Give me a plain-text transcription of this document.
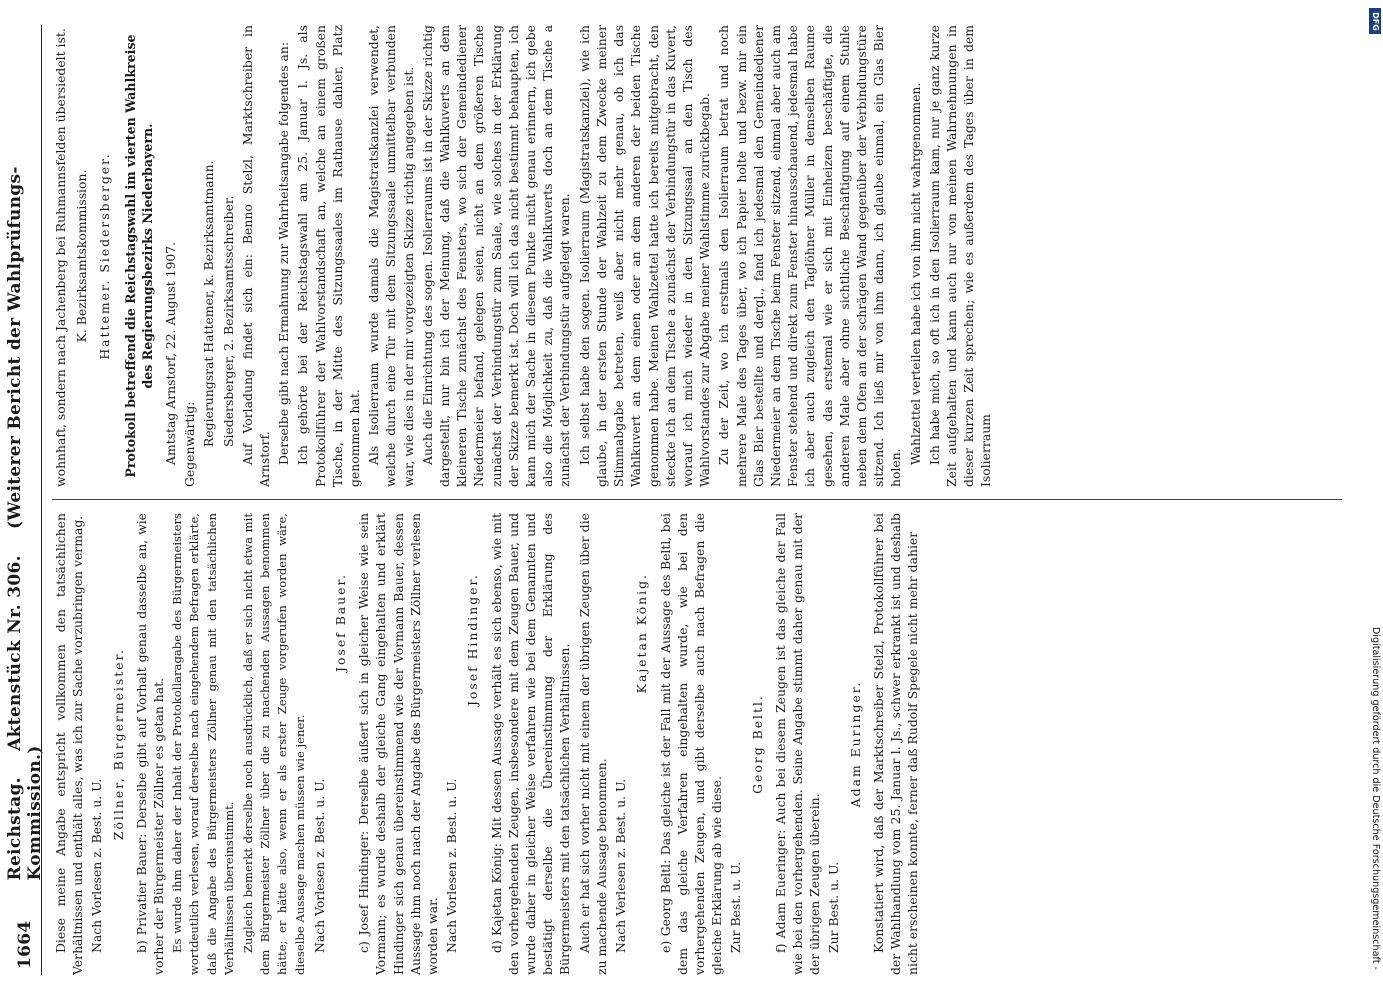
1664
Reichstag. Aktenstück Nr. 306. (Weiterer Bericht der Wahlprüfungs-Kommission.) Diese meine Angabe entspricht vollkommen den tatsächlichen Verhältnissen und enthält alles, was ich zur Sache vorzubringen vermag. Nach Vorlesen z. Best. u. U.

Zöllner, Bürgermeister. b) Privatier Bauer: Derselbe gibt auf Vorhalt genau dasselbe an, wie vorher der Bürgermeister Zöllner es getan hat. Es wurde ihm daher der Inhalt der Protokollaragabe des Bürgermeisters wortdeutlich verlesen, worauf derselbe nach eingehendem Befragen erklärte, daß die Angabe des Bürgermeisters Zöllner genau mit den tatsächlichen Verhältnissen übereinstimmt. Zugleich bemerkt derselbe noch ausdrücklich, daß er sich nicht etwa mit dem Bürgermeister Zöllner über die zu machenden Aussagen benommen hätte; er hätte also, wenn er als erster Zeuge vorgerufen worden wäre, dieselbe Aussage machen müssen wie jener. Nach Vorlesen z. Best. u. U.

Josef Bauer. c) Josef Hindinger: Derselbe äußert sich in gleicher Weise wie sein Vormann; es wurde deshalb der gleiche Gang eingehalten und erklärt Hindinger sich genau übereinstimmend wie der Vormann Bauer, dessen Aussage ihm noch nach der Angabe des Bürgermeisters Zöllner verlesen worden war. Nach Vorlesen z. Best. u. U.

Josef Hindinger. d) Kajetan König: Mit dessen Aussage verhält es sich ebenso, wie mit den vorhergehenden Zeugen, insbesondere mit dem Zeugen Bauer, und wurde daher in gleicher Weise verfahren wie bei dem Genannten und bestätigt derselbe die Übereinstimmung der Erklärung des Bürgermeisters mit den tatsächlichen Verhältnissen. Auch er hat sich vorher nicht mit einem der übrigen Zeugen über die zu machende Aussage benommen. Nach Verlesen z. Best. u. U.

Kajetan König. e) Georg Beltl: Das gleiche ist der Fall mit der Aussage des Beltl, bei dem das gleiche Verfahren eingehalten wurde, wie bei den vorhergehenden Zeugen, und gibt derselbe auch nach Befragen die gleiche Erklärung ab wie diese. Zur Best. u. U.

Georg Beltl. f) Adam Eueringer: Auch bei diesem Zeugen ist das gleiche der Fall wie bei den vorhergehenden. Seine Angabe stimmt daher genau mit der der übrigen Zeugen überein. Zur Best. u. U.

Adam Euringer. Konstatiert wird, daß der Marktschreiber Stelzl, Protokollführer bei der Wahlhandlung vom 25. Januar l. Js., schwer erkrankt ist und deshalb nicht erscheinen konnte, ferner daß Rudolf Spegele nicht mehr dahier

wohnhaft, sondern nach Jachenberg bei Ruhmannsfelden übersiedelt ist. K. Bezirksamtskommission. Hattemer. Siedersberger. Protokoll betreffend die Reichstagswahl im vierten Wahlkreise des Regierungsbezirks Niederbayern. Amtstag Arnstorf, 22. August 1907. Gegenwärtig: Regierungsrat Hattemer, k. Bezirksamtmann. Siedersberger, 2. Bezirksamtsschreiber. Auf Vorladung findet sich ein: Benno Stelzl, Marktschreiber in Arnstorf. Derselbe gibt nach Ermahnung zur Wahrheitsangabe folgendes an: Ich gehörte bei der Reichstagswahl am 25. Januar l. Js. als Protokollführer der Wahlvorstandschaft an, welche an einem großen Tische, in der Mitte des Sitzungssaales im Rathause dahier, Platz genommen hat. Als Isolierraum wurde damals die Magistratskanzlei verwendet, welche durch eine Tür mit dem Sitzungssaale unmittelbar verbunden war, wie dies in der mir vorgezeigten Skizze richtig angegeben ist. Auch die Einrichtung des sogen. Isolierraums ist in der Skizze richtig dargestellt, nur bin ich der Meinung, daß die Wahlkuverts an dem kleineren Tische zunächst des Fensters, wo sich der Gemeindediener Niedermeier befand, gelegen seien, nicht an dem größeren Tische zunächst der Verbindungstür zum Saale, wie solches in der Erklärung der Skizze bemerkt ist. Doch will ich das nicht bestimmt behaupten, ich kann mich der Sache in diesem Punkte nicht genau erinnern, ich gebe also die Möglichkeit zu, daß die Wahlkuverts doch an dem Tische a zunächst der Verbindungstür aufgelegt waren. Ich selbst habe den sogen. Isolierraum (Magistratskanzlei), wie ich glaube, in der ersten Stunde der Wahlzeit zu dem Zwecke meiner Stimmabgabe betreten, weiß aber nicht mehr genau, ob ich das Wahlkuvert an dem einen oder an dem anderen der beiden Tische genommen habe. Meinen Wahlzettel hatte ich bereits mitgebracht, den steckte ich an dem Tische a zunächst der Verbindungstür in das Kuvert, worauf ich mich wieder in den Sitzungssaal an den Tisch des Wahlvorstandes zur Abgabe meiner Wahlstimme zurückbegab. Zu der Zeit, wo ich erstmals den Isolierraum betrat und noch mehrere Male des Tages über, wo ich Papier holte und bezw. mir ein Glas Bier bestellte und dergl., fand ich jedesmal den Gemeindediener Niedermeier an dem Tische beim Fenster sitzend, einmal aber auch am Fenster stehend und direkt zum Fenster hinausschauend, jedesmal habe ich aber auch zugleich den Taglöhner Müller in demselben Raume gesehen, das erstemal wie er sich mit Einheizen beschäftigte, die anderen Male aber ohne sichtliche Beschäftigung auf einem Stuhle neben dem Ofen an der schrägen Wand gegenüber der Verbindungstüre sitzend. Ich ließ mir von ihm dann, ich glaube einmal, ein Glas Bier holen.

Wahlzettel verteilen habe ich von ihm nicht wahrgenommen. Ich habe mich, so oft ich in den Isolierraum kam, nur je ganz kurze Zeit aufgehalten und kann auch nur von meinen Wahrnehmungen in dieser kurzen Zeit sprechen; wie es außerdem des Tages über in dem Isolierraum

DFG
Digitalisierung gefördert durch die Deutsche Forschungsgemeinschaft -
